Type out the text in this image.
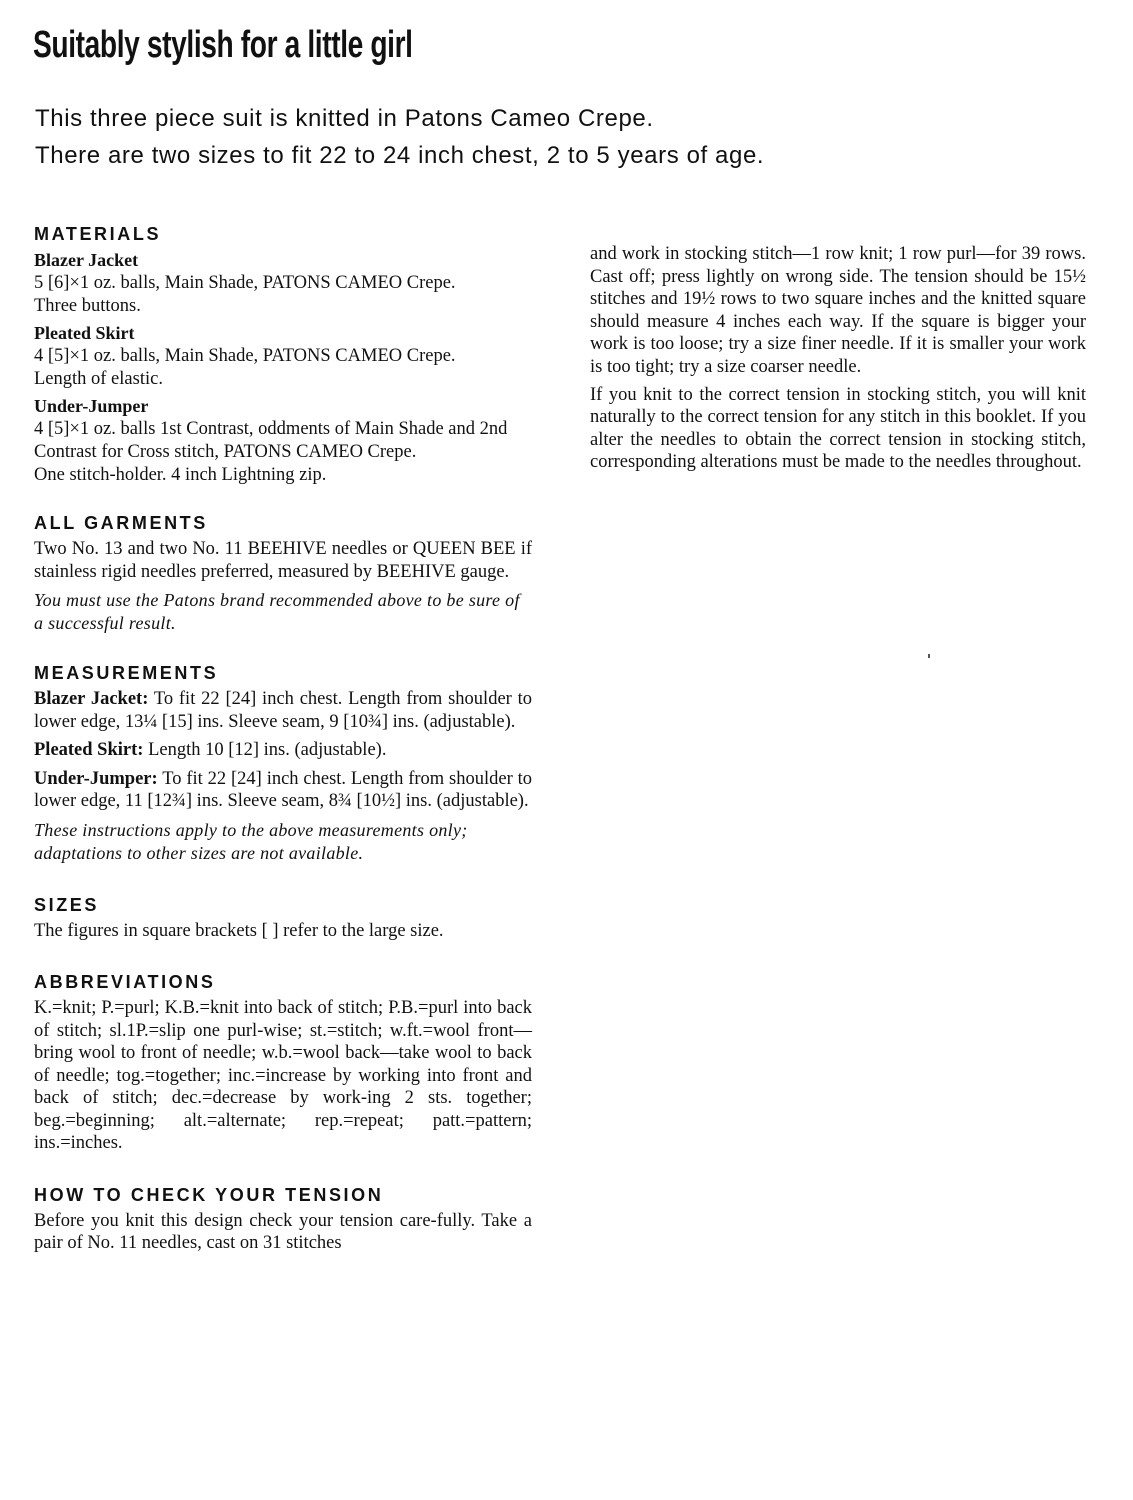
Suitably stylish for a little girl

This three piece suit is knitted in Patons Cameo Crepe.

There are two sizes to fit 22 to 24 inch chest, 2 to 5 years of age.

MATERIALS
Blazer Jacket
5 [6]×1 oz. balls, Main Shade, PATONS CAMEO Crepe.
Three buttons.
Pleated Skirt
4 [5]×1 oz. balls, Main Shade, PATONS CAMEO Crepe.
Length of elastic.
Under-Jumper
4 [5]×1 oz. balls 1st Contrast, oddments of Main Shade and 2nd Contrast for Cross stitch, PATONS CAMEO Crepe.
One stitch-holder. 4 inch Lightning zip.
ALL GARMENTS
Two No. 13 and two No. 11 BEEHIVE needles or QUEEN BEE if stainless rigid needles preferred, measured by BEEHIVE gauge.
You must use the Patons brand recommended above to be sure of a successful result.
MEASUREMENTS
Blazer Jacket: To fit 22 [24] inch chest. Length from shoulder to lower edge, 13¼ [15] ins. Sleeve seam, 9 [10¾] ins. (adjustable).
Pleated Skirt: Length 10 [12] ins. (adjustable).
Under-Jumper: To fit 22 [24] inch chest. Length from shoulder to lower edge, 11 [12¾] ins. Sleeve seam, 8¾ [10½] ins. (adjustable).
These instructions apply to the above measurements only; adaptations to other sizes are not available.
SIZES
The figures in square brackets [ ] refer to the large size.
ABBREVIATIONS
K.=knit; P.=purl; K.B.=knit into back of stitch; P.B.=purl into back of stitch; sl.1P.=slip one purl-wise; st.=stitch; w.ft.=wool front—bring wool to front of needle; w.b.=wool back—take wool to back of needle; tog.=together; inc.=increase by working into front and back of stitch; dec.=decrease by work-ing 2 sts. together; beg.=beginning; alt.=alternate; rep.=repeat; patt.=pattern; ins.=inches.
HOW TO CHECK YOUR TENSION
Before you knit this design check your tension care-fully. Take a pair of No. 11 needles, cast on 31 stitches
and work in stocking stitch—1 row knit; 1 row purl—for 39 rows. Cast off; press lightly on wrong side. The tension should be 15½ stitches and 19½ rows to two square inches and the knitted square should measure 4 inches each way. If the square is bigger your work is too loose; try a size finer needle. If it is smaller your work is too tight; try a size coarser needle.
If you knit to the correct tension in stocking stitch, you will knit naturally to the correct tension for any stitch in this booklet. If you alter the needles to obtain the correct tension in stocking stitch, corresponding alterations must be made to the needles throughout.
